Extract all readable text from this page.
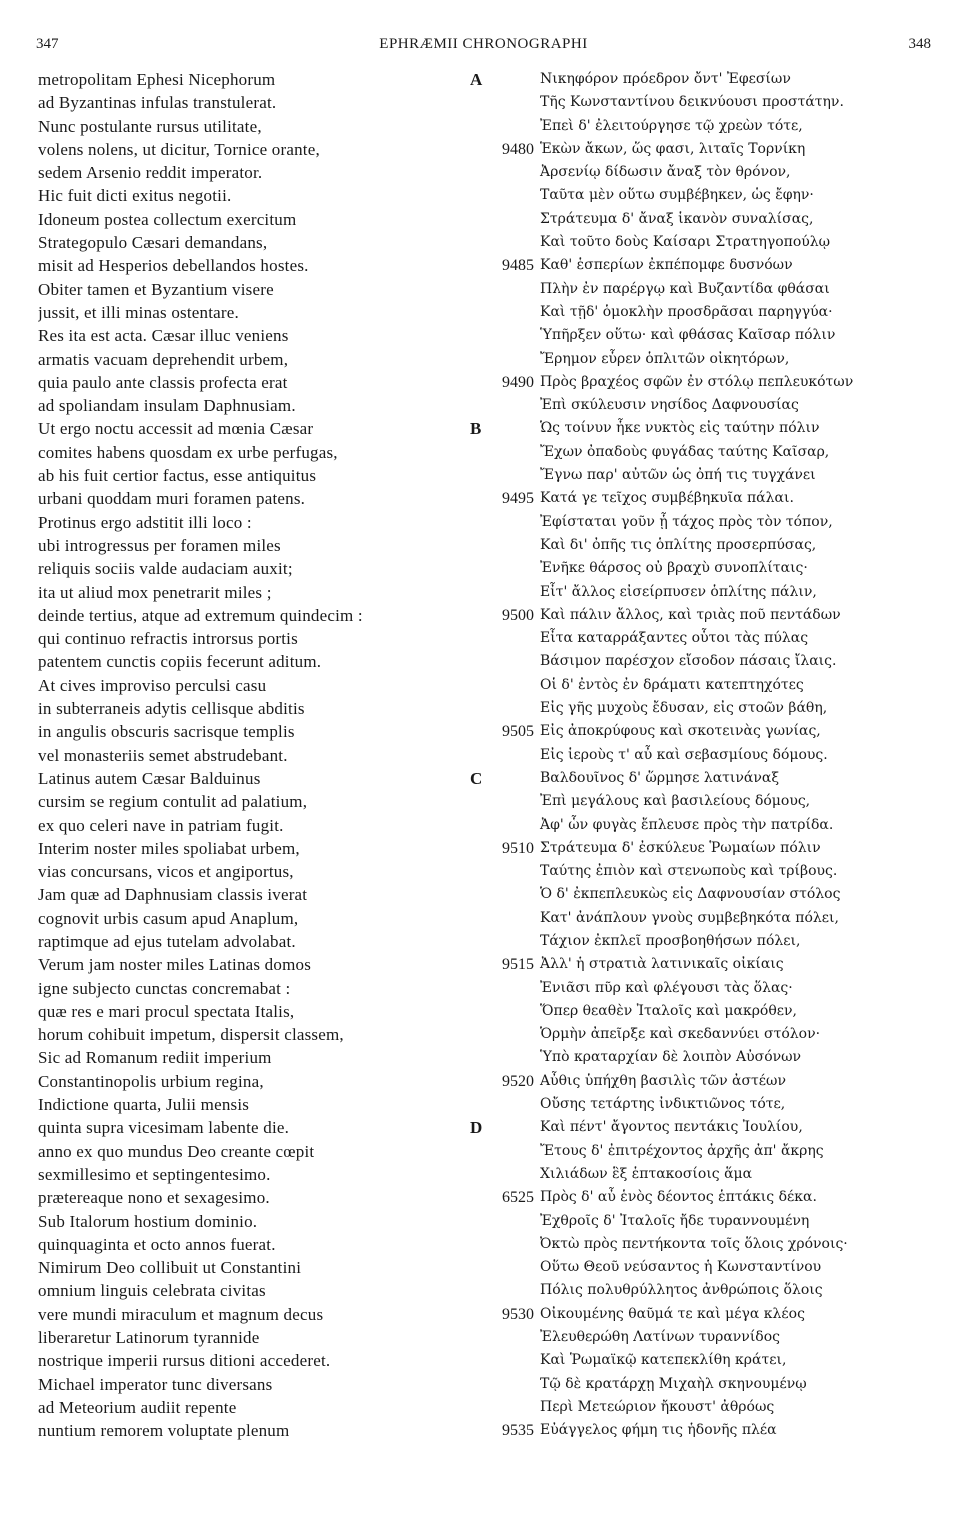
347	EPHRÆMII CHRONOGRAPHI	348
metropolitam Ephesi Nicephorum
ad Byzantinas infulas transtulerat.
Nunc postulante rursus utilitate,
volens nolens, ut dicitur, Tornice orante,
sedem Arsenio reddit imperator.
Hic fuit dicti exitus negotii.
Idoneum postea collectum exercitum
Strategopulo Cæsari demandans,
misit ad Hesperios debellandos hostes.
Obiter tamen et Byzantium visere
jussit, et illi minas ostentare.
Res ita est acta. Cæsar illuc veniens
armatis vacuam deprehendit urbem,
quia paulo ante classis profecta erat
ad spoliandam insulam Daphnusiam.
Ut ergo noctu accessit ad mœnia Cæsar
comites habens quosdam ex urbe perfugas,
ab his fuit certior factus, esse antiquitus
urbani quoddam muri foramen patens.
Protinus ergo adstitit illi loco :
ubi introgressus per foramen miles
reliquis sociis valde audaciam auxit;
ita ut aliud mox penetrarit miles ;
deinde tertius, atque ad extremum quindecim :
qui continuo refractis introrsus portis
patentem cunctis copiis fecerunt aditum.
At cives improviso perculsi casu
in subterraneis adytis cellisque abditis
in angulis obscuris sacrisque templis
vel monasteriis semet abstrudebant.
Latinus autem Cæsar Balduinus
cursim se regium contulit ad palatium,
ex quo celeri nave in patriam fugit.
Interim noster miles spoliabat urbem,
vias concursans, vicos et angiportus,
Jam quæ ad Daphnusiam classis iverat
cognovit urbis casum apud Anaplum,
raptimque ad ejus tutelam advolabat.
Verum jam noster miles Latinas domos
igne subjecto cunctas concremabat :
quæ res e mari procul spectata Italis,
horum cohibuit impetum, dispersit classem,
Sic ad Romanum rediit imperium
Constantinopolis urbium regina,
Indictione quarta, Julii mensis
quinta supra vicesimam labente die.
anno ex quo mundus Deo creante cœpit
sexmillesimo et septingentesimo.
prætereaque nono et sexagesimo.
Sub Italorum hostium dominio.
quinquaginta et octo annos fuerat.
Nimirum Deo collibuit ut Constantini
omnium linguis celebrata civitas
vere mundi miraculum et magnum decus
liberaretur Latinorum tyrannide
nostrique imperii rursus ditioni accederet.
Michael imperator tunc diversans
ad Meteorium audiit repente
nuntium remorem voluptate plenum
A	Νικηφόρον πρόεδρον ὄντ' Ἐφεσίων
Τῆς Κωνσταντίνου δεικνύουσι προστάτην.
Ἐπεὶ δ' ἐλειτούργησε τῷ χρεὼν τότε,
9480 Ἑκὼν ἄκων, ὥς φασι, λιταῖς Τορνίκη
Ἀρσενίῳ δίδωσιν ἄναξ τὸν θρόνον,
Ταῦτα μὲν οὕτω συμβέβηκεν, ὡς ἔφην·
Στράτευμα δ' ἄναξ ἱκανὸν συναλίσας,
Καὶ τοῦτο δοὺς Καίσαρι Στρατηγοπούλῳ
9485 Καθ' ἑσπερίων ἐκπέπομφε δυσνόων
Πλὴν ἐν παρέργῳ καὶ Βυζαντίδα φθάσαι
Καὶ τῇδ' ὁμοκλὴν προσδρᾶσαι παρηγγύα·
Ὑπῆρξεν οὕτω· καὶ φθάσας Καῖσαρ πόλιν
Ἔρημον εὗρεν ὁπλιτῶν οἰκητόρων,
9490 Πρὸς βραχέος σφῶν ἐν στόλῳ πεπλευκότων
Ἐπὶ σκύλευσιν νησίδος Δαφνουσίας
B	Ὡς τοίνυν ἧκε νυκτὸς εἰς ταύτην πόλιν
Ἔχων ὀπαδοὺς φυγάδας ταύτης Καῖσαρ,
Ἔγνω παρ' αὐτῶν ὡς ὀπή τις τυγχάνει
9495 Κατά γε τεῖχος συμβέβηκυῖα πάλαι.
Ἐφίσταται γοῦν ᾗ τάχος πρὸς τὸν τόπον,
Καὶ δι' ὀπῆς τις ὁπλίτης προσερπύσας,
Ἐνῆκε θάρσος οὐ βραχὺ συνοπλίταις·
Εἶτ' ἄλλος εἰσείρπυσεν ὁπλίτης πάλιν,
9500 Καὶ πάλιν ἄλλος, καὶ τριὰς ποῦ πεντάδων
Εἶτα καταρράξαντες οὗτοι τὰς πύλας
Βάσιμον παρέσχον εἴσοδον πάσαις ἴλαις.
Οἱ δ' ἐντὸς ἐν δράματι κατεπτηχότες
Εἰς γῆς μυχοὺς ἔδυσαν, εἰς στοῶν βάθη,
9505 Εἰς ἀποκρύφους καὶ σκοτεινὰς γωνίας,
Εἰς ἱεροὺς τ' αὖ καὶ σεβασμίους δόμους.
C	Βαλδουῖνος δ' ὥρμησε λατινάναξ
Ἐπὶ μεγάλους καὶ βασιλείους δόμους,
Ἀφ' ὧν φυγὰς ἔπλευσε πρὸς τὴν πατρίδα.
9510 Στράτευμα δ' ἐσκύλευε Ῥωμαίων πόλιν
Ταύτης ἐπιὸν καὶ στενωποὺς καὶ τρίβους.
Ὁ δ' ἐκπεπλευκὼς εἰς Δαφνουσίαν στόλος
Κατ' ἀνάπλουν γνοὺς συμβεβηκότα πόλει,
Τάχιον ἐκπλεῖ προσβοηθήσων πόλει,
9515 Ἀλλ' ἡ στρατιὰ λατινικαῖς οἰκίαις
Ἐνιᾶσι πῦρ καὶ φλέγουσι τὰς ὅλας·
Ὅπερ θεαθὲν Ἰταλοῖς καὶ μακρόθεν,
Ὁρμὴν ἀπεῖρξε καὶ σκεδαννύει στόλον·
Ὑπὸ κραταρχίαν δὲ λοιπὸν Αὐσόνων
9520 Αὖθις ὑπήχθη βασιλὶς τῶν ἀστέων
Οὔσης τετάρτης ἰνδικτιῶνος τότε,
D	Καὶ πέντ' ἄγοντος πεντάκις Ἰουλίου,
Ἔτους δ' ἐπιτρέχοντος ἀρχῆς ἀπ' ἄκρης
Χιλιάδων ἓξ ἑπτακοσίοις ἅμα
6525 Πρὸς δ' αὖ ἑνὸς δέοντος ἑπτάκις δέκα.
Ἐχθροῖς δ' Ἰταλοῖς ἤδε τυραννουμένη
Ὀκτὼ πρὸς πεντήκοντα τοῖς ὅλοις χρόνοις·
Οὕτω Θεοῦ νεύσαντος ἡ Κωνσταντίνου
Πόλις πολυθρύλλητος ἀνθρώποις ὅλοις
9530 Οἰκουμένης θαῦμά τε καὶ μέγα κλέος
Ἐλευθερώθη Λατίνων τυραννίδος
Καὶ Ῥωμαϊκῷ κατεπεκλίθη κράτει,
Τῷ δὲ κρατάρχῃ Μιχαὴλ σκηνουμένῳ
Περὶ Μετεώριον ἤκουστ' ἀθρόως
9535 Εὐάγγελος φήμη τις ἡδονῆς πλέα
